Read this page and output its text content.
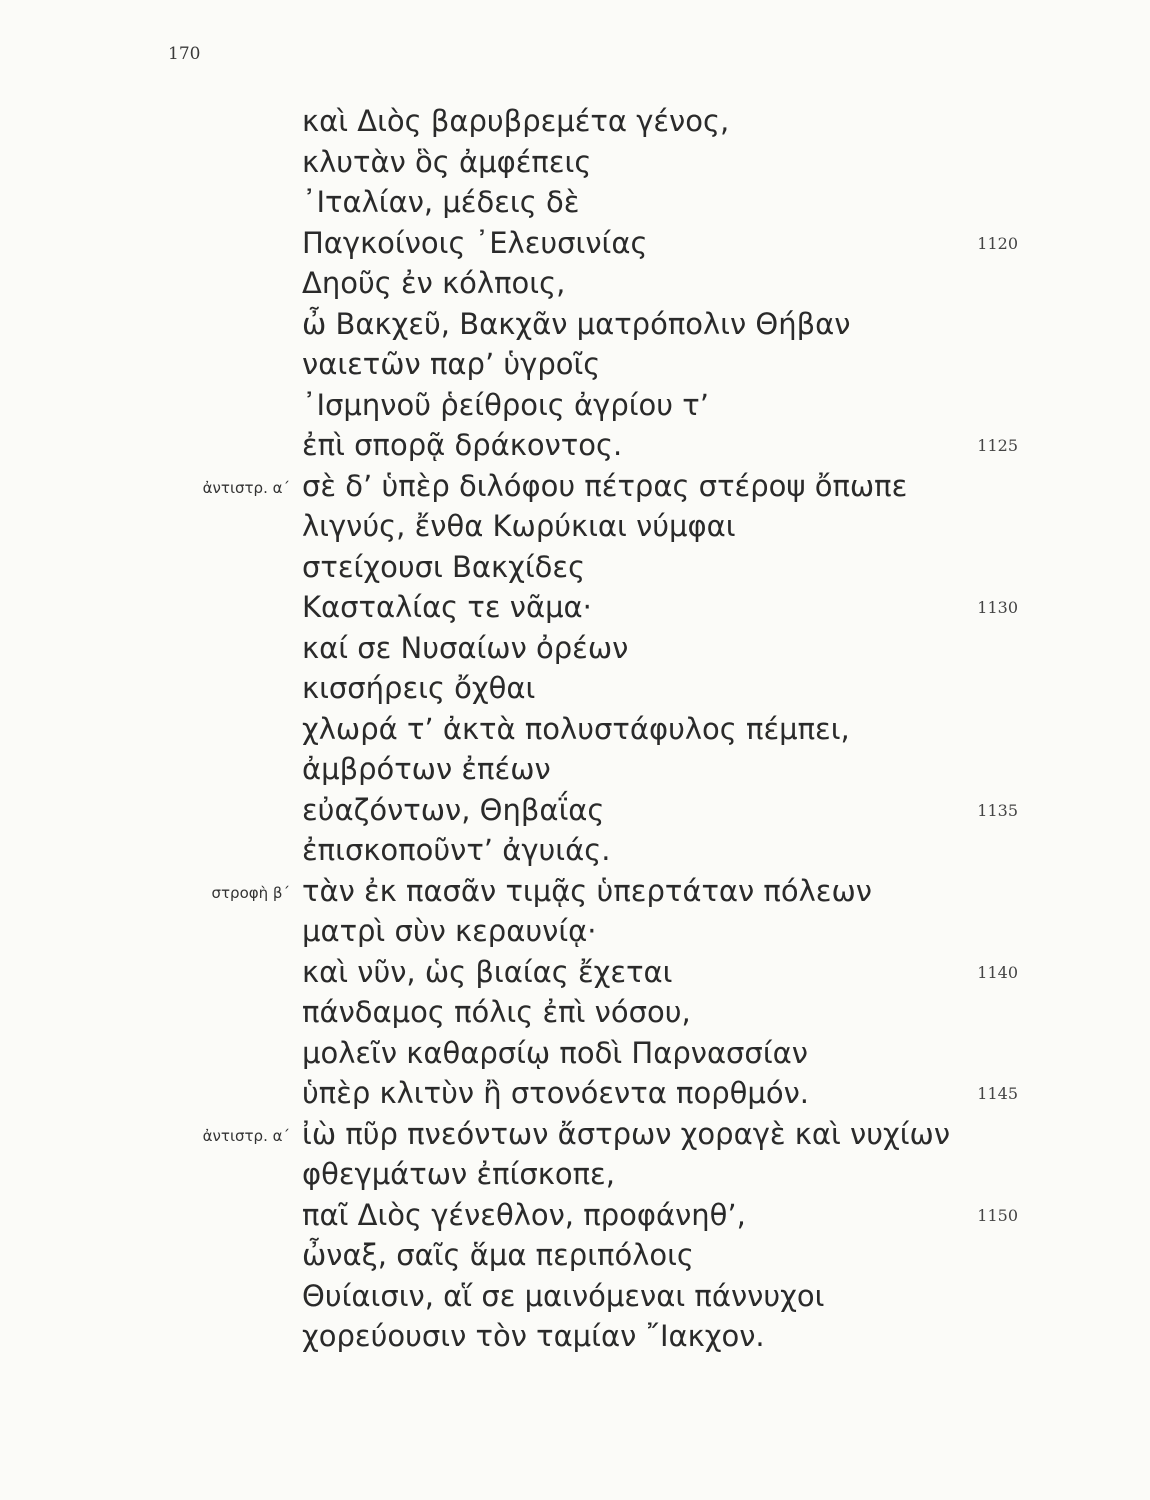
170
καὶ Διὸς βαρυβρεμέτα γένος,
κλυτὰν ὃς ἀμφέπεις
᾿Ιταλίαν, μέδεις δὲ
Παγκοίνοις ᾿Ελευσινίας	1120
Δηοῦς ἐν κόλποις,
ὦ Βακχεῦ, Βακχᾶν ματρόπολιν Θήβαν
ναιετῶν παρ’ ὑγροῖς
᾿Ισμηνοῦ ῥείθροις ἀγρίου τ’
ἐπὶ σπορᾷ δράκοντος.	1125
ἀντιστρ. α΄ σὲ δ’ ὑπὲρ διλόφου πέτρας στέροψ ὄπωπε
λιγνύς, ἔνθα Κωρύκιαι νύμφαι
στείχουσι Βακχίδες
Κασταλίας τε νᾶμα·	1130
καί σε Νυσαίων ὀρέων
κισσήρεις ὄχθαι
χλωρά τ’ ἀκτὰ πολυστάφυλος πέμπει,
ἀμβρότων ἐπέων
εὐαζόντων, Θηβαΐας	1135
ἐπισκοποῦντ’ ἀγυιάς.
στροφὴ β΄ τὰν ἐκ πασᾶν τιμᾷς ὑπερτάταν πόλεων
ματρὶ σὺν κεραυνίᾳ·
καὶ νῦν, ὡς βιαίας ἔχεται	1140
πάνδαμος πόλις ἐπὶ νόσου,
μολεῖν καθαρσίῳ ποδὶ Παρνασσίαν
ὑπὲρ κλιτὺν ἢ στονόεντα πορθμόν.	1145
ἀντιστρ. α΄ ἰὼ πῦρ πνεόντων ἄστρων χοραγὲ καὶ νυχίων
φθεγμάτων ἐπίσκοπε,
παῖ Διὸς γένεθλον, προφάνηθ’,	1150
ὦναξ, σαῖς ἅμα περιπόλοις
Θυίαισιν, αἵ σε μαινόμεναι πάννυχοι
χορεύουσιν τὸν ταμίαν ῎Ιακχον.
